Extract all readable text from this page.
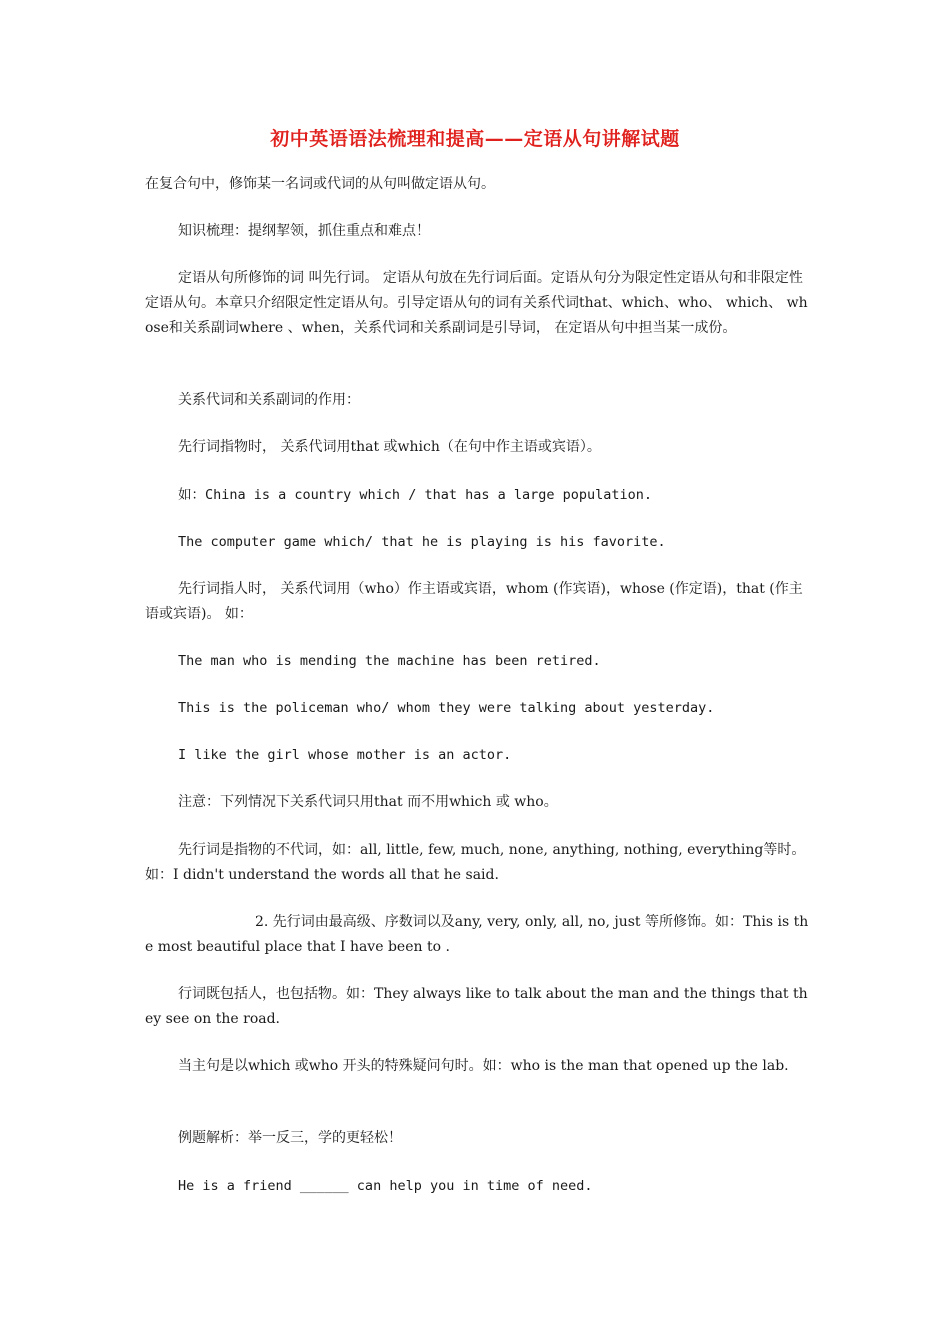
初中英语语法梳理和提高——定语从句讲解试题
在复合句中，修饰某一名词或代词的从句叫做定语从句。
知识梳理：提纲挈领，抓住重点和难点！
定语从句所修饰的词 叫先行词。 定语从句放在先行词后面。定语从句分为限定性定语从句和非限定性定语从句。本章只介绍限定性定语从句。引导定语从句的词有关系代词that、which、who、 which、 whose和关系副词where 、when，关系代词和关系副词是引导词， 在定语从句中担当某一成份。
关系代词和关系副词的作用：
先行词指物时， 关系代词用that 或which（在句中作主语或宾语）。
如：China is a country which / that has a large population.
The computer game which/ that he is playing is his favorite.
先行词指人时， 关系代词用（who）作主语或宾语，whom (作宾语)，whose (作定语)，that (作主语或宾语)。 如：
The man who is mending the machine has been retired.
This is the policeman who/ whom they were talking about yesterday.
I like the girl whose mother is an actor.
注意：下列情况下关系代词只用that 而不用which 或 who。
先行词是指物的不代词，如：all, little, few, much, none, anything, nothing, everything等时。如：I didn't understand the words all that he said.
2. 先行词由最高级、序数词以及any, very, only, all, no, just 等所修饰。如：This is the most beautiful place that I have been to .
行词既包括人，也包括物。如：They always like to talk about the man and the things that they see on the road.
当主句是以which 或who 开头的特殊疑问句时。如：who is the man that opened up the lab.
例题解析：举一反三，学的更轻松！
He is a friend ______ can help you in time of need.
